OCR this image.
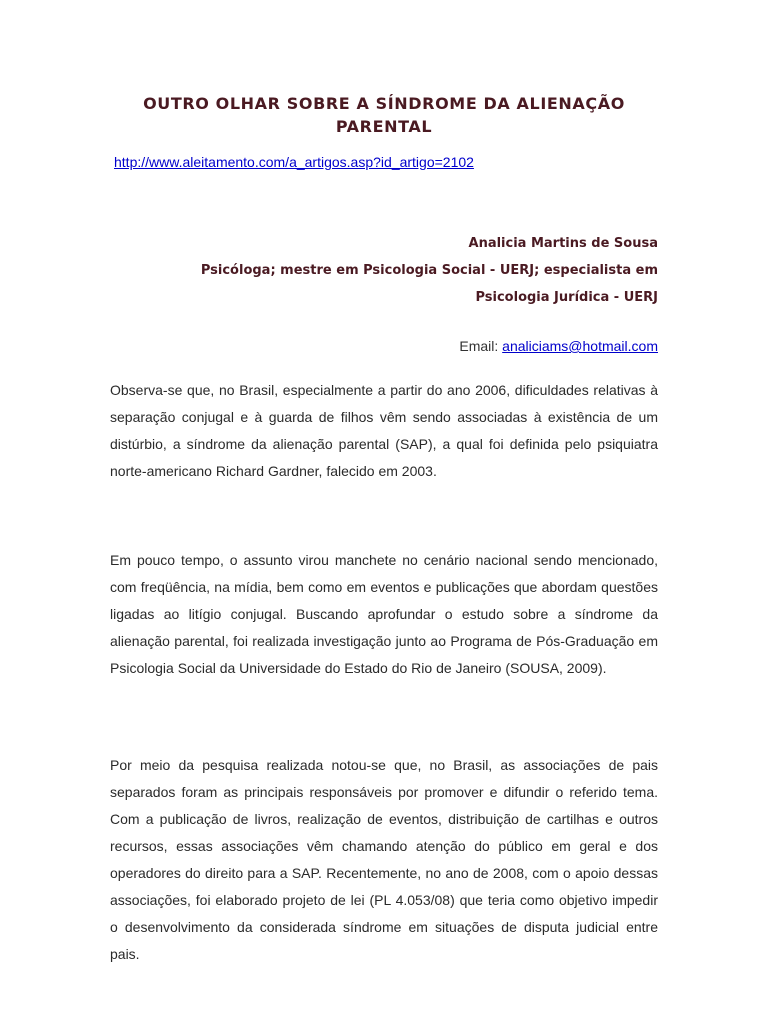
OUTRO OLHAR SOBRE A SÍNDROME DA ALIENAÇÃO PARENTAL
http://www.aleitamento.com/a_artigos.asp?id_artigo=2102
Analicia Martins de Sousa
Psicóloga; mestre em Psicologia Social - UERJ; especialista em
Psicologia Jurídica - UERJ
Email: analiciams@hotmail.com

Observa-se que, no Brasil, especialmente a partir do ano 2006, dificuldades relativas à separação conjugal e à guarda de filhos vêm sendo associadas à existência de um distúrbio, a síndrome da alienação parental (SAP), a qual foi definida pelo psiquiatra norte-americano Richard Gardner, falecido em 2003.

Em pouco tempo, o assunto virou manchete no cenário nacional sendo mencionado, com freqüência, na mídia, bem como em eventos e publicações que abordam questões ligadas ao litígio conjugal. Buscando aprofundar o estudo sobre a síndrome da alienação parental, foi realizada investigação junto ao Programa de Pós-Graduação em Psicologia Social da Universidade do Estado do Rio de Janeiro (SOUSA, 2009).

Por meio da pesquisa realizada notou-se que, no Brasil, as associações de pais separados foram as principais responsáveis por promover e difundir o referido tema. Com a publicação de livros, realização de eventos, distribuição de cartilhas e outros recursos, essas associações vêm chamando atenção do público em geral e dos operadores do direito para a SAP. Recentemente, no ano de 2008, com o apoio dessas associações, foi elaborado projeto de lei (PL 4.053/08) que teria como objetivo impedir o desenvolvimento da considerada síndrome em situações de disputa judicial entre pais.
